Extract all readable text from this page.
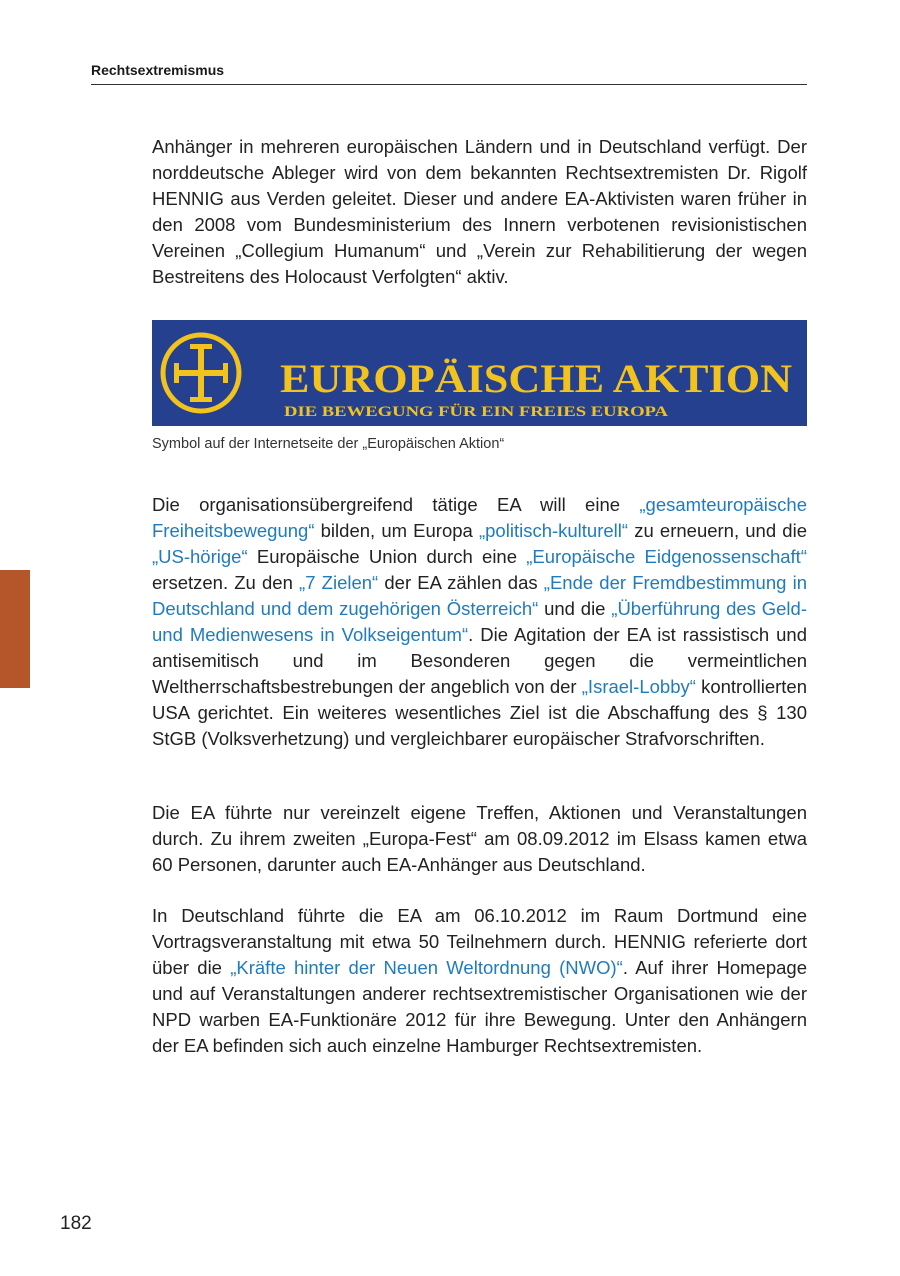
Rechtsextremismus

Anhänger in mehreren europäischen Ländern und in Deutschland verfügt. Der norddeutsche Ableger wird von dem bekannten Rechtsextremisten Dr. Rigolf HENNIG aus Verden geleitet. Dieser und andere EA-Aktivisten waren früher in den 2008 vom Bundesministerium des Innern verbotenen revisionistischen Vereinen „Collegium Humanum“ und „Verein zur Rehabilitierung der wegen Bestreitens des Holocaust Verfolgten“ aktiv.

EUROPÄISCHE AKTION
DIE BEWEGUNG FÜR EIN FREIES EUROPA
Symbol auf der Internetseite der „Europäischen Aktion“

Die organisationsübergreifend tätige EA will eine „gesamteuropäische Freiheitsbewegung“ bilden, um Europa „politisch-kulturell“ zu erneuern, und die „US-hörige“ Europäische Union durch eine „Europäische Eidgenossenschaft“ ersetzen. Zu den „7 Zielen“ der EA zählen das „Ende der Fremdbestimmung in Deutschland und dem zugehörigen Österreich“ und die „Überführung des Geld- und Medienwesens in Volkseigentum“. Die Agitation der EA ist rassistisch und antisemitisch und im Besonderen gegen die vermeintlichen Weltherrschaftsbestrebungen der angeblich von der „Israel-Lobby“ kontrollierten USA gerichtet. Ein weiteres wesentliches Ziel ist die Abschaffung des § 130 StGB (Volksverhetzung) und vergleichbarer europäischer Strafvorschriften.

Die EA führte nur vereinzelt eigene Treffen, Aktionen und Veranstaltungen durch. Zu ihrem zweiten „Europa-Fest“ am 08.09.2012 im Elsass kamen etwa 60 Personen, darunter auch EA-Anhänger aus Deutschland.

In Deutschland führte die EA am 06.10.2012 im Raum Dortmund eine Vortragsveranstaltung mit etwa 50 Teilnehmern durch. HENNIG referierte dort über die „Kräfte hinter der Neuen Weltordnung (NWO)“. Auf ihrer Homepage und auf Veranstaltungen anderer rechtsextremistischer Organisationen wie der NPD warben EA-Funktionäre 2012 für ihre Bewegung. Unter den Anhängern der EA befinden sich auch einzelne Hamburger Rechtsextremisten.

182
